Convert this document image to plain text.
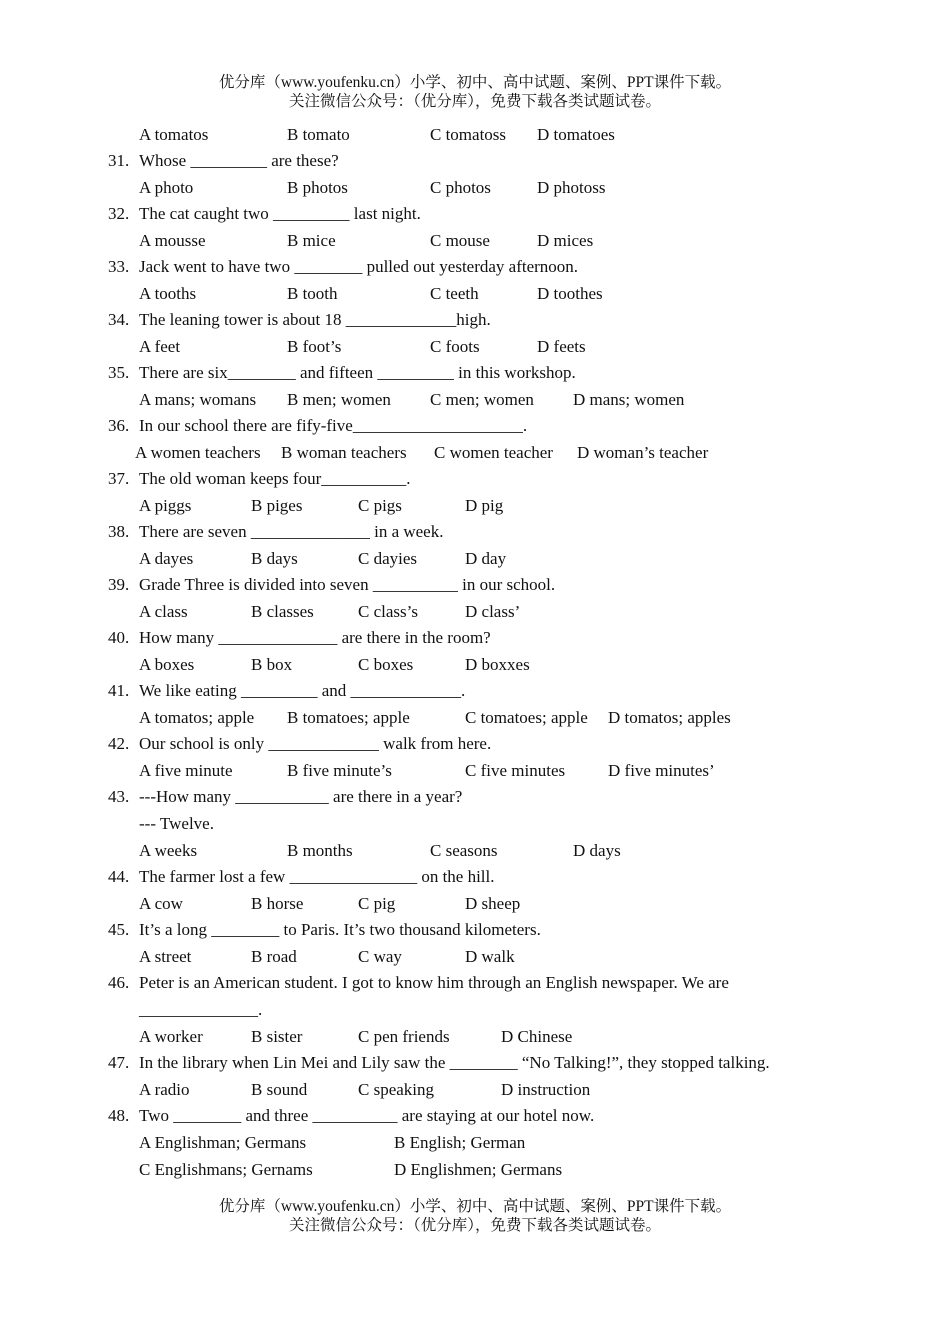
优分库（www.youfenku.cn）小学、初中、高中试题、案例、PPT课件下载。
关注微信公众号：（优分库），免费下载各类试题试卷。
A tomatos	B tomato	C tomatoss D tomatoes
31. Whose _________ are these?
A photo	B photos	C photos	D photoss
32. The cat caught two _________ last night.
A mousse	B mice	C mouse	D mices
33. Jack went to have two ________ pulled out yesterday afternoon.
A tooths	B tooth	C teeth	D toothes
34. The leaning tower is about 18 _____________high.
A feet	B foot’s	C foots	D feets
35. There are six________ and fifteen _________ in this workshop.
A mans; womans B men; women C men; women D mans; women
36. In our school there are fify-five____________________.
A women teachers B woman teachers C women teacher D woman’s teacher
37. The old woman keeps four__________.
A piggs	B piges	C pigs	D pig
38. There are seven ______________ in a week.
A dayes	B days	C dayies	D day
39. Grade Three is divided into seven __________ in our school.
A class	B classes	C class’s	D class’
40. How many ______________ are there in the room?
A boxes	B box	C boxes	D boxxes
41. We like eating _________ and _____________.
A tomatos; apple B tomatoes; apple	C tomatoes; apple D tomatos; apples
42. Our school is only _____________ walk from here.
A five minute	B five minute’s	C five minutes	D five minutes’
43. ---How many ___________ are there in a year?
--- Twelve.
A weeks	B months	C seasons	D days
44. The farmer lost a few _______________ on the hill.
A cow	B horse	C pig	D sheep
45. It’s a long ________ to Paris. It’s two thousand kilometers.
A street	B road	C way	D walk
46. Peter is an American student. I got to know him through an English newspaper. We are
______________.
A worker	B sister	C pen friends	D Chinese
47. In the library when Lin Mei and Lily saw the ________ “No Talking!”, they stopped talking.
A radio	B sound	C speaking	D instruction
48. Two ________ and three __________ are staying at our hotel now.
A Englishman; Germans	B English; German
C Englishmans; Gernams	D Englishmen; Germans
优分库（www.youfenku.cn）小学、初中、高中试题、案例、PPT课件下载。
关注微信公众号：（优分库），免费下载各类试题试卷。
